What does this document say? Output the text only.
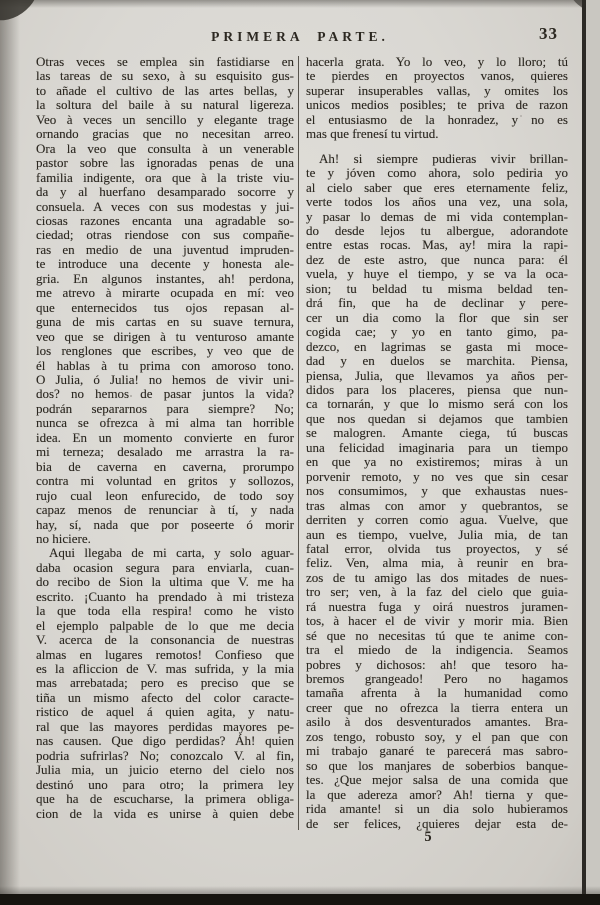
PRIMERA PARTE.	33
Otras veces se emplea sin fastidiarse en
las tareas de su sexo, à su esquisito gus-
to añade el cultivo de las artes bellas, y
la soltura del baile à su natural ligereza.
Veo à veces un sencillo y elegante trage
ornando gracias que no necesitan arreo.
Ora la veo que consulta à un venerable
pastor sobre las ignoradas penas de una
familia indigente, ora que à la triste viu-
da y al huerfano desamparado socorre y
consuela. A veces con sus modestas y jui-
ciosas razones encanta una agradable so-
ciedad; otras riendose con sus compañe-
ras en medio de una juventud impruden-
te introduce una decente y honesta ale-
gria. En algunos instantes, ah! perdona,
me atrevo à mirarte ocupada en mí: veo
que enternecidos tus ojos repasan al-
guna de mis cartas en su suave ternura,
veo que se dirigen à tu venturoso amante
los renglones que escribes, y veo que de
él hablas à tu prima con amoroso tono.
O Julia, ó Julia! no hemos de vivir uni-
dos? no hemos de pasar juntos la vida?
podrán separarnos para siempre? No;
nunca se ofrezca à mi alma tan horrible
idea. En un momento convierte en furor
mi terneza; desalado me arrastra la ra-
bia de caverna en caverna, prorumpo
contra mi voluntad en gritos y sollozos,
rujo cual leon enfurecido, de todo soy
capaz menos de renunciar à tí, y nada
hay, sí, nada que por poseerte ó morir
no hiciere.
Aqui llegaba de mi carta, y solo aguar-
daba ocasion segura para enviarla, cuan-
do recibo de Sion la ultima que V. me ha
escrito. ¡Cuanto ha prendado à mi tristeza
la que toda ella respira! como he visto
el ejemplo palpable de lo que me decia
V. acerca de la consonancia de nuestras
almas en lugares remotos! Confieso que
es la afliccion de V. mas sufrida, y la mia
mas arrebatada; pero es preciso que se
tiña un mismo afecto del color caracte-
ristico de aquel á quien agita, y natu-
ral que las mayores perdidas mayores pe-
nas causen. Que digo perdidas? Áh! quien
podria sufrirlas? No; conozcalo V. al fin,
Julia mia, un juicio eterno del cielo nos
destinó uno para otro; la primera ley
que ha de escucharse, la primera obliga-
cion de la vida es unirse à quien debe
hacerla grata. Yo lo veo, y lo lloro; tú
te pierdes en proyectos vanos, quieres
superar insuperables vallas, y omites los
unicos medios posibles; te priva de razon
el entusiasmo de la honradez, y no es
mas que frenesí tu virtud.
Ah! si siempre pudieras vivir brillan-
te y jóven como ahora, solo pediria yo
al cielo saber que eres eternamente feliz,
verte todos los años una vez, una sola,
y pasar lo demas de mi vida contemplan-
do desde lejos tu albergue, adorandote
entre estas rocas. Mas, ay! mira la rapi-
dez de este astro, que nunca para: él
vuela, y huye el tiempo, y se va la oca-
sion; tu beldad tu misma beldad ten-
drá fin, que ha de declinar y pere-
cer un dia como la flor que sin ser
cogida cae; y yo en tanto gimo, pa-
dezco, en lagrimas se gasta mi moce-
dad y en duelos se marchita. Piensa,
piensa, Julia, que llevamos ya años per-
didos para los placeres, piensa que nun-
ca tornarán, y que lo mismo será con los
que nos quedan si dejamos que tambien
se malogren. Amante ciega, tú buscas
una felicidad imaginaria para un tiempo
en que ya no existiremos; miras à un
porvenir remoto, y no ves que sin cesar
nos consumimos, y que exhaustas nues-
tras almas con amor y quebrantos, se
derriten y corren como agua. Vuelve, que
aun es tiempo, vuelve, Julia mia, de tan
fatal error, olvida tus proyectos, y sé
feliz. Ven, alma mia, à reunir en bra-
zos de tu amigo las dos mitades de nues-
tro ser; ven, à la faz del cielo que guia-
rá nuestra fuga y oirá nuestros juramen-
tos, à hacer el de vivir y morir mia. Bien
sé que no necesitas tú que te anime con-
tra el miedo de la indigencia. Seamos
pobres y dichosos: ah! que tesoro ha-
bremos grangeado! Pero no hagamos
tamaña afrenta à la humanidad como
creer que no ofrezca la tierra entera un
asilo à dos desventurados amantes. Bra-
zos tengo, robusto soy, y el pan que con
mi trabajo ganaré te parecerá mas sabro-
so que los manjares de soberbios banque-
tes. ¿Que mejor salsa de una comida que
la que adereza amor? Ah! tierna y que-
rida amante! si un dia solo hubieramos
de ser felices, ¿quieres dejar esta de-
5
